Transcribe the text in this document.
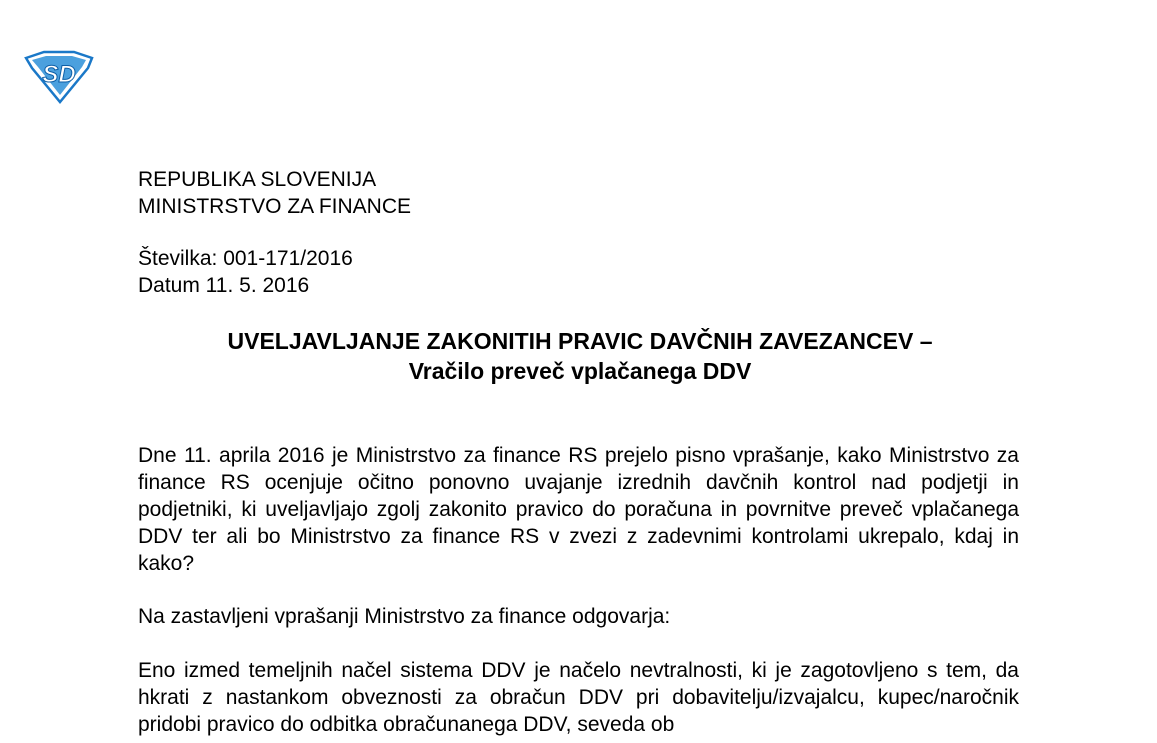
SD
REPUBLIKA SLOVENIJA
MINISTRSTVO ZA FINANCE
Številka: 001-171/2016
Datum 11. 5. 2016
UVELJAVLJANJE ZAKONITIH PRAVIC DAVČNIH ZAVEZANCEV –
Vračilo preveč vplačanega DDV

Dne 11. aprila 2016 je Ministrstvo za finance RS prejelo pisno vprašanje, kako Ministrstvo za finance RS ocenjuje očitno ponovno uvajanje izrednih davčnih kontrol nad podjetji in podjetniki, ki uveljavljajo zgolj zakonito pravico do poračuna in povrnitve preveč vplačanega DDV ter ali bo Ministrstvo za finance RS v zvezi z zadevnimi kontrolami ukrepalo, kdaj in kako?

Na zastavljeni vprašanji Ministrstvo za finance odgovarja:

Eno izmed temeljnih načel sistema DDV je načelo nevtralnosti, ki je zagotovljeno s tem, da hkrati z nastankom obveznosti za obračun DDV pri dobavitelju/izvajalcu, kupec/naročnik pridobi pravico do odbitka obračunanega DDV, seveda ob
